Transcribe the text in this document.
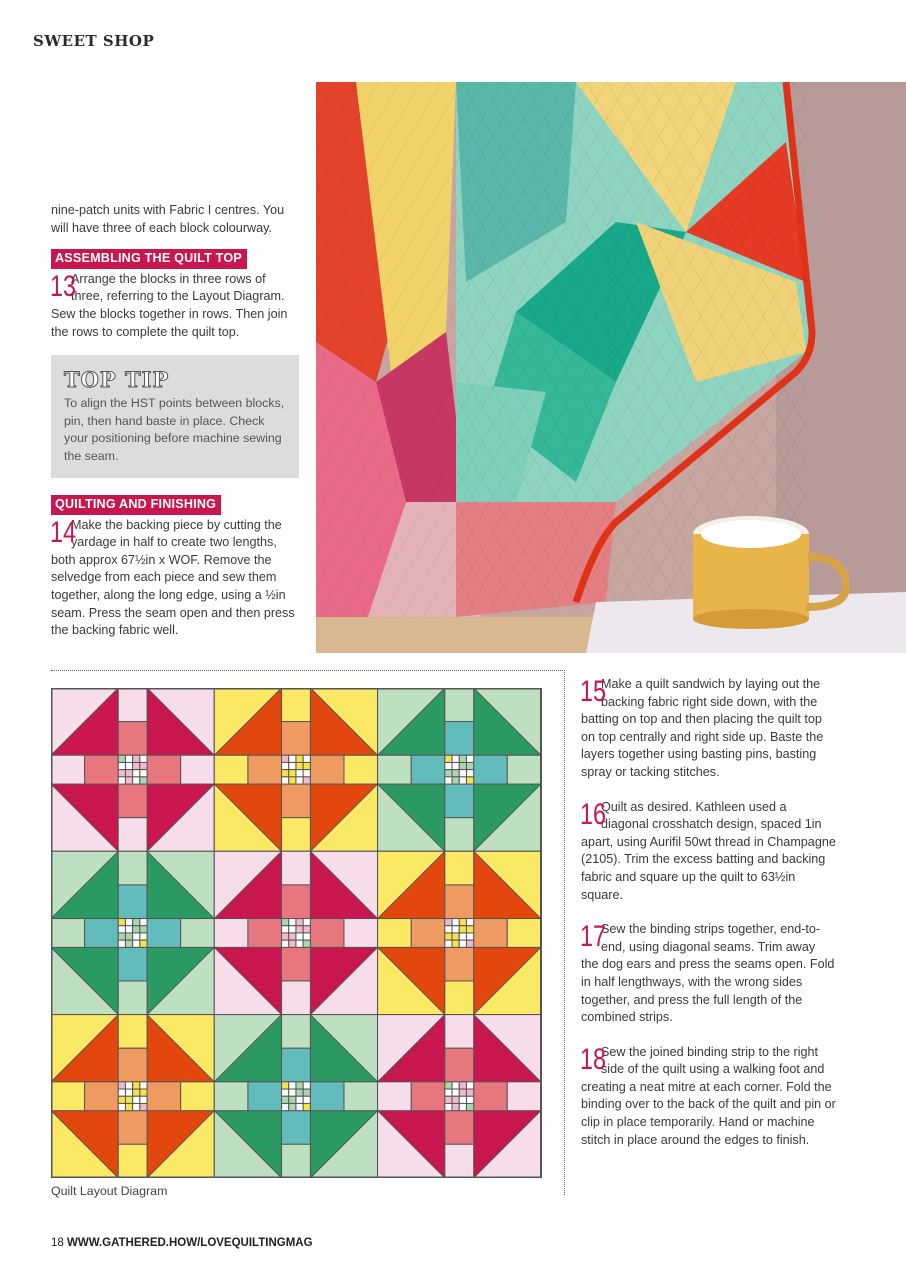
SWEET SHOP

nine-patch units with Fabric I centres. You will have three of each block colourway.

ASSEMBLING THE QUILT TOP

13
Arrange the blocks in three rows of three, referring to the Layout Diagram. Sew the blocks together in rows. Then join the rows to complete the quilt top.

TOP TIP
To align the HST points between blocks, pin, then hand baste in place. Check your positioning before machine sewing the seam.
QUILTING AND FINISHING

14
Make the backing piece by cutting the yardage in half to create two lengths, both approx 67½in x WOF. Remove the selvedge from each piece and sew them together, along the long edge, using a ½in seam. Press the seam open and then press the backing fabric well.

Quilt Layout Diagram

15
Make a quilt sandwich by laying out the backing fabric right side down, with the batting on top and then placing the quilt top on top centrally and right side up. Baste the layers together using basting pins, basting spray or tacking stitches.

16
Quilt as desired. Kathleen used a diagonal crosshatch design, spaced 1in apart, using Aurifil 50wt thread in Champagne (2105). Trim the excess batting and backing fabric and square up the quilt to 63½in square.

17
Sew the binding strips together, end-to-end, using diagonal seams. Trim away the dog ears and press the seams open. Fold in half lengthways, with the wrong sides together, and press the full length of the combined strips.

18
Sew the joined binding strip to the right side of the quilt using a walking foot and creating a neat mitre at each corner. Fold the binding over to the back of the quilt and pin or clip in place temporarily. Hand or machine stitch in place around the edges to finish.

18 WWW.GATHERED.HOW/LOVEQUILTINGMAG
